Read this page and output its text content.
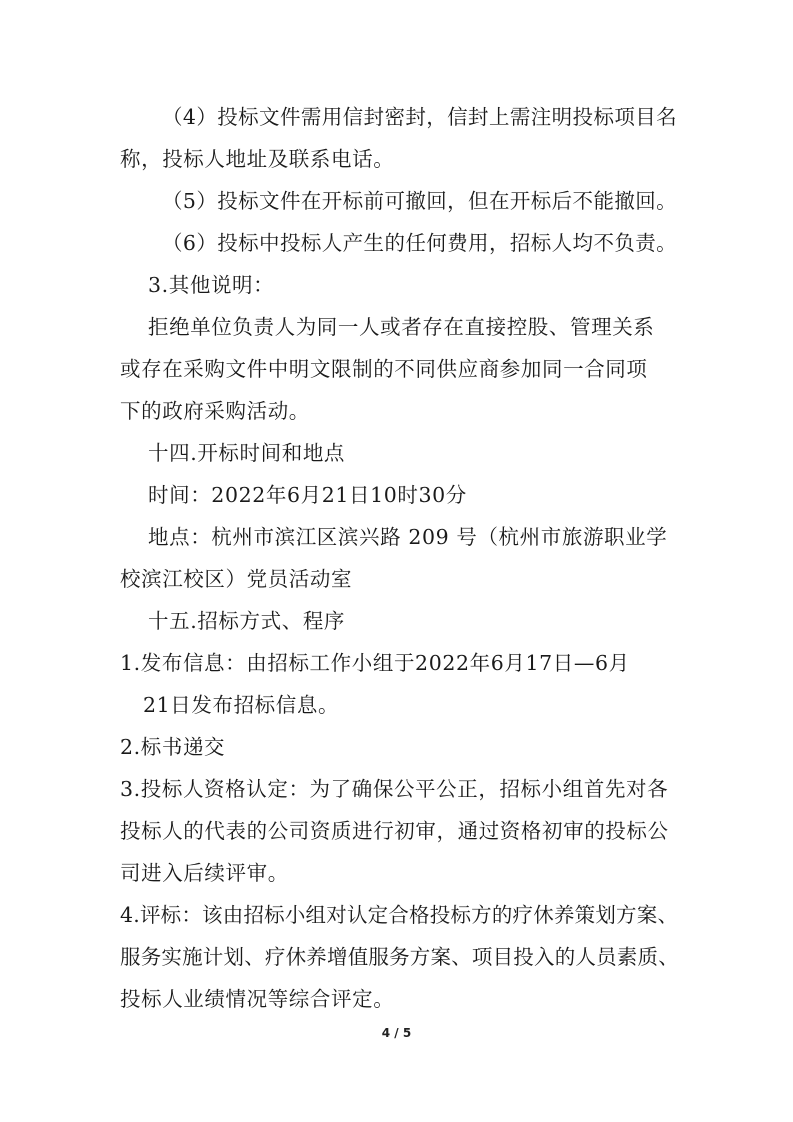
（4）投标文件需用信封密封，信封上需注明投标项目名
称，投标人地址及联系电话。
（5）投标文件在开标前可撤回，但在开标后不能撤回。
（6）投标中投标人产生的任何费用，招标人均不负责。
3.其他说明：
拒绝单位负责人为同一人或者存在直接控股、管理关系
或存在采购文件中明文限制的不同供应商参加同一合同项
下的政府采购活动。
十四.开标时间和地点
时间：2022年6月21日10时30分
地点：杭州市滨江区滨兴路 209 号（杭州市旅游职业学
校滨江校区）党员活动室
十五.招标方式、程序
1.发布信息：由招标工作小组于2022年6月17日—6月
21日发布招标信息。
2.标书递交
3.投标人资格认定：为了确保公平公正，招标小组首先对各
投标人的代表的公司资质进行初审，通过资格初审的投标公
司进入后续评审。
4.评标：该由招标小组对认定合格投标方的疗休养策划方案、
服务实施计划、疗休养增值服务方案、项目投入的人员素质、
投标人业绩情况等综合评定。
4 / 5
